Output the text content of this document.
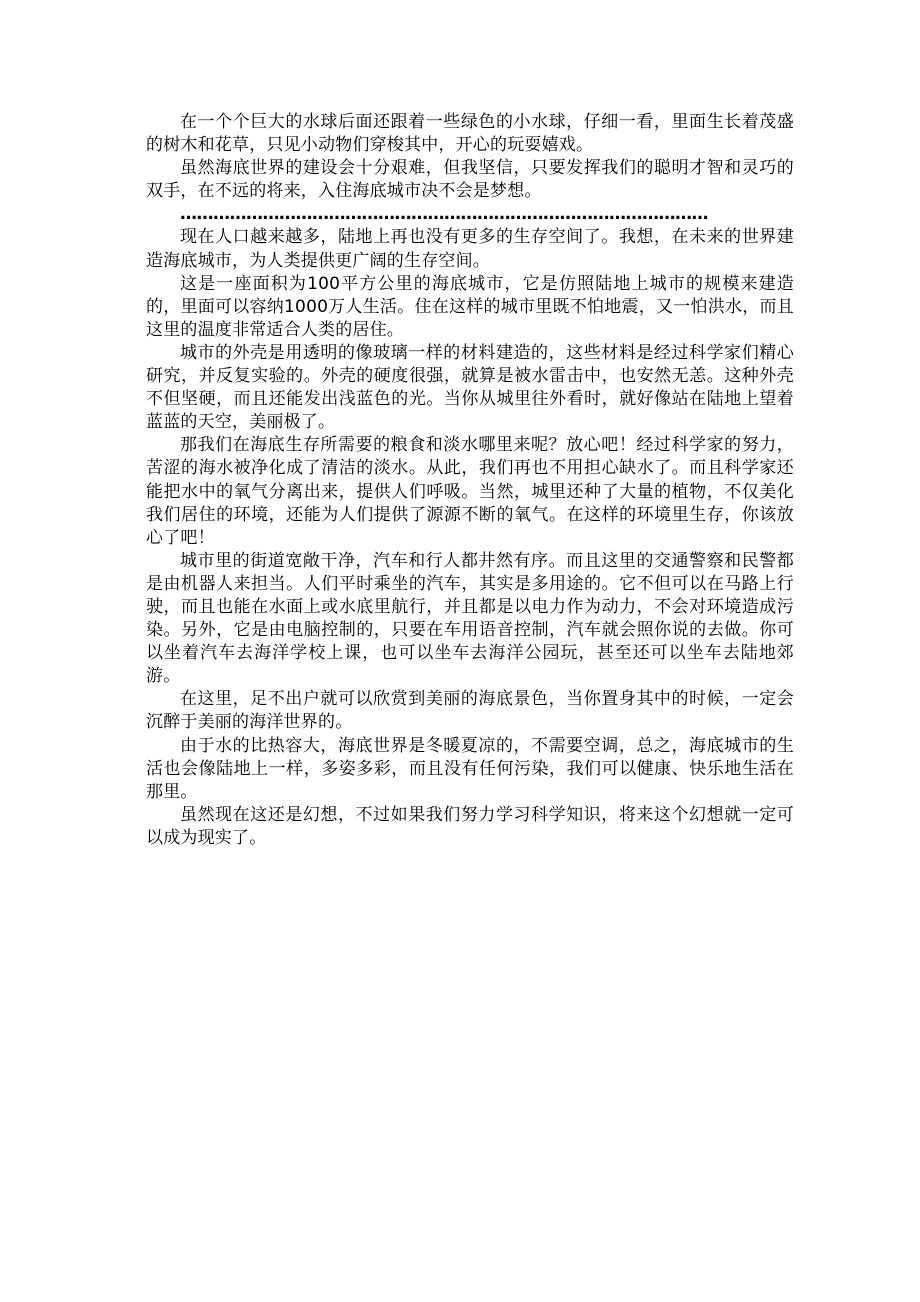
在一个个巨大的水球后面还跟着一些绿色的小水球，仔细一看，里面生长着茂盛的树木和花草，只见小动物们穿梭其中，开心的玩耍嬉戏。

虽然海底世界的建设会十分艰难，但我坚信，只要发挥我们的聪明才智和灵巧的双手，在不远的将来，入住海底城市决不会是梦想。

……………………………………………………………………………………

现在人口越来越多，陆地上再也没有更多的生存空间了。我想，在未来的世界建造海底城市，为人类提供更广阔的生存空间。

这是一座面积为100平方公里的海底城市，它是仿照陆地上城市的规模来建造的，里面可以容纳1000万人生活。住在这样的城市里既不怕地震，又一怕洪水，而且这里的温度非常适合人类的居住。

城市的外壳是用透明的像玻璃一样的材料建造的，这些材料是经过科学家们精心研究，并反复实验的。外壳的硬度很强，就算是被水雷击中，也安然无恙。这种外壳不但坚硬，而且还能发出浅蓝色的光。当你从城里往外看时，就好像站在陆地上望着蓝蓝的天空，美丽极了。

那我们在海底生存所需要的粮食和淡水哪里来呢？放心吧！经过科学家的努力，苦涩的海水被净化成了清洁的淡水。从此，我们再也不用担心缺水了。而且科学家还能把水中的氧气分离出来，提供人们呼吸。当然，城里还种了大量的植物，不仅美化我们居住的环境，还能为人们提供了源源不断的氧气。在这样的环境里生存，你该放心了吧！

城市里的街道宽敞干净，汽车和行人都井然有序。而且这里的交通警察和民警都是由机器人来担当。人们平时乘坐的汽车，其实是多用途的。它不但可以在马路上行驶，而且也能在水面上或水底里航行，并且都是以电力作为动力，不会对环境造成污染。另外，它是由电脑控制的，只要在车用语音控制，汽车就会照你说的去做。你可以坐着汽车去海洋学校上课，也可以坐车去海洋公园玩，甚至还可以坐车去陆地郊游。

在这里，足不出户就可以欣赏到美丽的海底景色，当你置身其中的时候，一定会沉醉于美丽的海洋世界的。

由于水的比热容大，海底世界是冬暖夏凉的，不需要空调，总之，海底城市的生活也会像陆地上一样，多姿多彩，而且没有任何污染，我们可以健康、快乐地生活在那里。

虽然现在这还是幻想，不过如果我们努力学习科学知识，将来这个幻想就一定可以成为现实了。
